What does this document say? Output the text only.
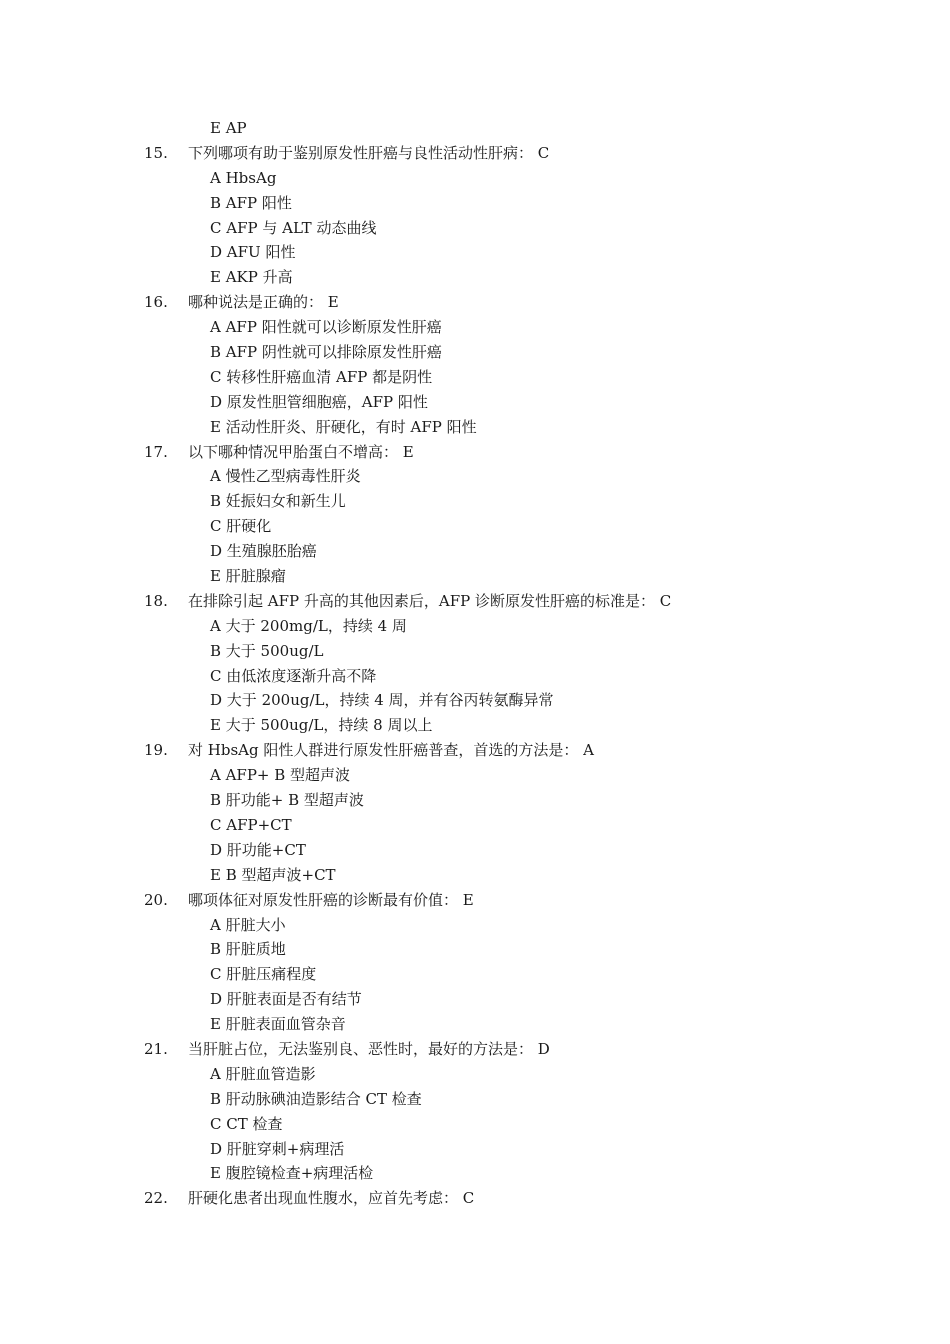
E AP
15. 下列哪项有助于鉴别原发性肝癌与良性活动性肝病： C
A HbsAg
B AFP 阳性
C AFP 与 ALT 动态曲线
D AFU 阳性
E AKP 升高
16. 哪种说法是正确的： E
A AFP 阳性就可以诊断原发性肝癌
B AFP 阴性就可以排除原发性肝癌
C 转移性肝癌血清 AFP 都是阴性
D 原发性胆管细胞癌，AFP 阳性
E 活动性肝炎、肝硬化，有时 AFP 阳性
17. 以下哪种情况甲胎蛋白不增高： E
A 慢性乙型病毒性肝炎
B 妊振妇女和新生儿
C 肝硬化
D 生殖腺胚胎癌
E 肝脏腺瘤
18. 在排除引起 AFP 升高的其他因素后，AFP 诊断原发性肝癌的标准是： C
A 大于 200mg/L，持续 4 周
B 大于 500ug/L
C 由低浓度逐渐升高不降
D 大于 200ug/L，持续 4 周，并有谷丙转氨酶异常
E 大于 500ug/L，持续 8 周以上
19. 对 HbsAg 阳性人群进行原发性肝癌普查，首选的方法是： A
A AFP+ B 型超声波
B 肝功能+ B 型超声波
C AFP+CT
D 肝功能+CT
E B 型超声波+CT
20. 哪项体征对原发性肝癌的诊断最有价值： E
A 肝脏大小
B 肝脏质地
C 肝脏压痛程度
D 肝脏表面是否有结节
E 肝脏表面血管杂音
21. 当肝脏占位，无法鉴别良、恶性时，最好的方法是： D
A 肝脏血管造影
B 肝动脉碘油造影结合 CT 检查
C CT 检查
D 肝脏穿刺+病理活
E 腹腔镜检查+病理活检
22. 肝硬化患者出现血性腹水，应首先考虑： C
